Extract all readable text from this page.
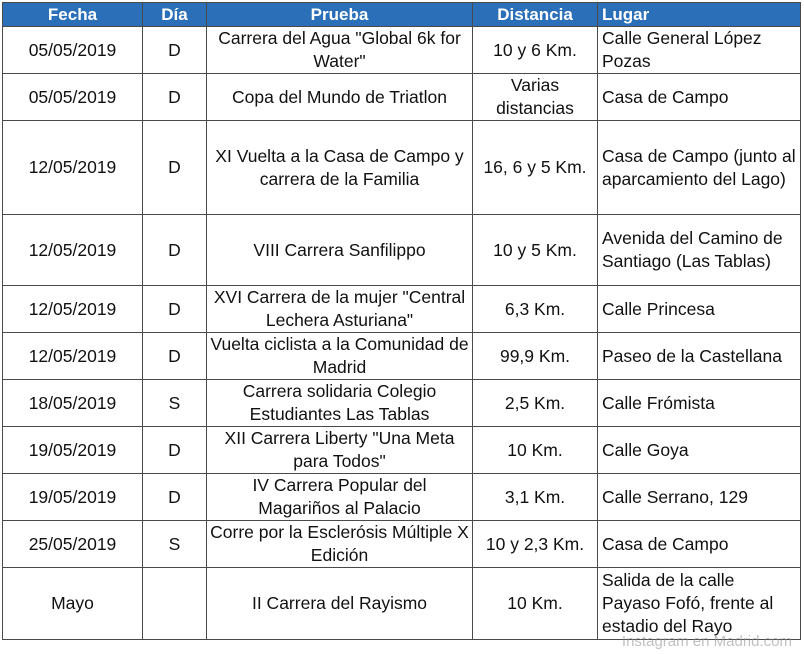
Fecha	Día	Prueba	Distancia	Lugar
05/05/2019	D	Carrera del Agua "Global 6k for Water"	10 y 6 Km.	Calle General López Pozas
05/05/2019	D	Copa del Mundo de Triatlon	Varias distancias	Casa de Campo
12/05/2019	D	XI Vuelta a la Casa de Campo y carrera de la Familia	16, 6 y 5 Km.	Casa de Campo (junto al aparcamiento del Lago)
12/05/2019	D	VIII Carrera Sanfilippo	10 y 5 Km.	Avenida del Camino de Santiago (Las Tablas)
12/05/2019	D	XVI Carrera de la mujer "Central Lechera Asturiana"	6,3 Km.	Calle Princesa
12/05/2019	D	Vuelta ciclista a la Comunidad de Madrid	99,9 Km.	Paseo de la Castellana
18/05/2019	S	Carrera solidaria Colegio Estudiantes Las Tablas	2,5 Km.	Calle Frómista
19/05/2019	D	XII Carrera Liberty "Una Meta para Todos"	10 Km.	Calle Goya
19/05/2019	D	IV Carrera Popular del Magariños al Palacio	3,1 Km.	Calle Serrano, 129
25/05/2019	S	Corre por la Esclerósis Múltiple X Edición	10 y 2,3 Km.	Casa de Campo
Mayo		II Carrera del Rayismo	10 Km.	Salida de la calle Payaso Fofó, frente al estadio del Rayo
Instagram en Madrid.com
